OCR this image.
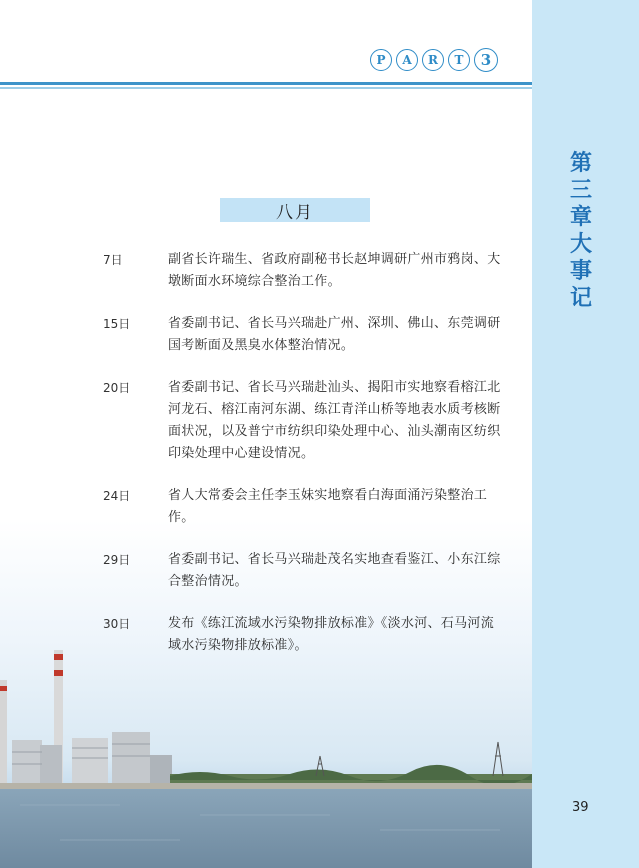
P	A	R	T	3
第三章 大事记
八月
7日	副省长许瑞生、省政府副秘书长赵坤调研广州市鸦岗、大墩断面水环境综合整治工作。
15日	省委副书记、省长马兴瑞赴广州、深圳、佛山、东莞调研国考断面及黑臭水体整治情况。
20日	省委副书记、省长马兴瑞赴汕头、揭阳市实地察看榕江北河龙石、榕江南河东湖、练江青洋山桥等地表水质考核断面状况，以及普宁市纺织印染处理中心、汕头潮南区纺织印染处理中心建设情况。
24日	省人大常委会主任李玉妹实地察看白海面涌污染整治工作。
29日	省委副书记、省长马兴瑞赴茂名实地查看鉴江、小东江综合整治情况。
30日	发布《练江流域水污染物排放标准》《淡水河、石马河流域水污染物排放标准》。
39
